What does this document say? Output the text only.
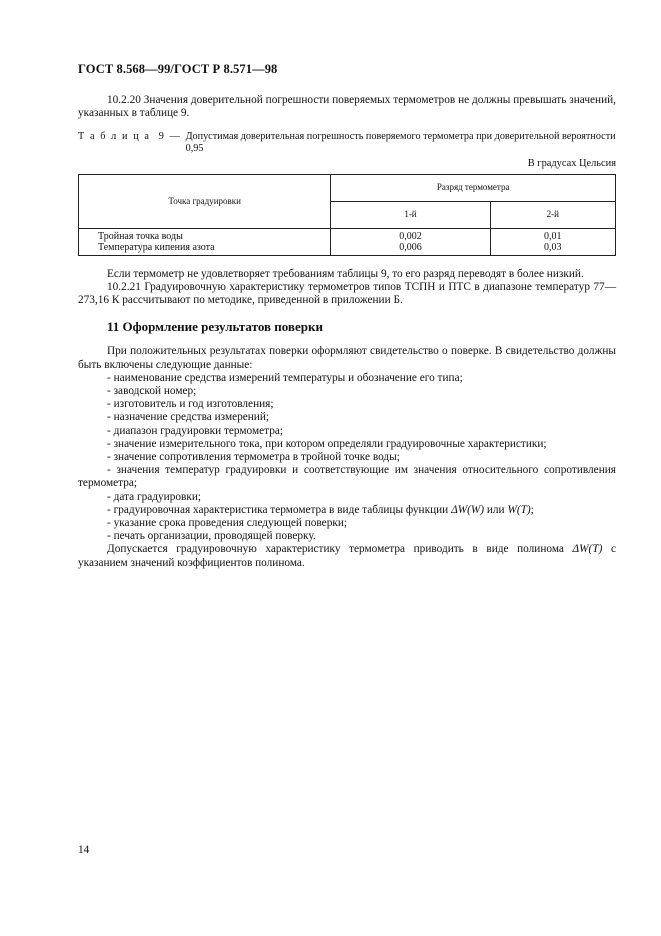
ГОСТ 8.568—99/ГОСТ Р 8.571—98

10.2.20 Значения доверительной погрешности поверяемых термометров не должны превышать значений, указанных в таблице 9.

Т а б л и ц а  9 — Допустимая доверительная погрешность поверяемого термометра при доверительной вероятности 0,95
В градусах Цельсия
Точка градуировки	Разряд термометра	
	1-й	2-й
Тройная точка воды	0,002	0,01
Температура кипения азота	0,006	0,03

Если термометр не удовлетворяет требованиям таблицы 9, то его разряд переводят в более низкий.

10.2.21 Градуировочную характеристику термометров типов ТСПН и ПТС в диапазоне температур 77—273,16 К рассчитывают по методике, приведенной в приложении Б.

11 Оформление результатов поверки

При положительных результатах поверки оформляют свидетельство о поверке. В свидетельство должны быть включены следующие данные:

- наименование средства измерений температуры и обозначение его типа;
- заводской номер;
- изготовитель и год изготовления;
- назначение средства измерений;
- диапазон градуировки термометра;
- значение измерительного тока, при котором определяли градуировочные характеристики;
- значение сопротивления термометра в тройной точке воды;
- значения температур градуировки и соответствующие им значения относительного сопротивления термометра;
- дата градуировки;
- градуировочная характеристика термометра в виде таблицы функции ΔW(W) или W(T);
- указание срока проведения следующей поверки;
- печать организации, проводящей поверку.

Допускается градуировочную характеристику термометра приводить в виде полинома ΔW(T) с указанием значений коэффициентов полинома.

14
